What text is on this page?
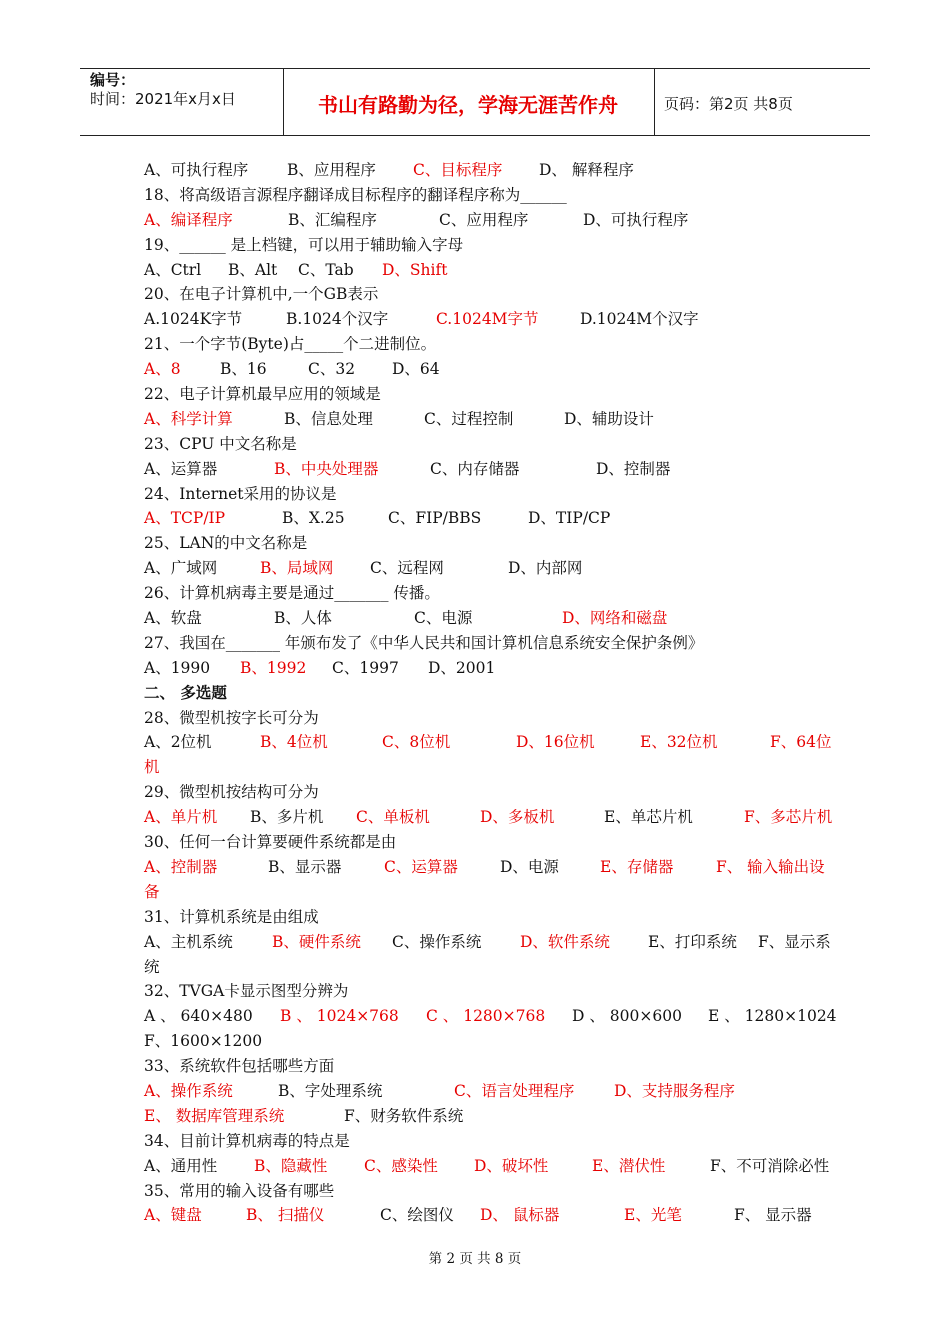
编号：
时间：2021年x月x日	书山有路勤为径，学海无涯苦作舟	页码：第2页 共8页
A、可执行程序	B、应用程序 C、目标程序 D、 解释程序
18、将高级语言源程序翻译成目标程序的翻译程序称为______
A、编译程序	B、汇编程序	C、应用程序	D、可执行程序
19、______ 是上档键，可以用于辅助输入字母
A、Ctrl B、Alt C、Tab D、Shift
20、在电子计算机中,一个GB表示
A.1024K字节	B.1024个汉字	C.1024M字节	D.1024M个汉字
21、一个字节(Byte)占_____个二进制位。
A、8	B、16	C、32 D、64
22、电子计算机最早应用的领域是
A、科学计算	B、信息处理	C、过程控制	D、辅助设计
23、CPU 中文名称是
A、运算器	B、中央处理器	C、内存储器	D、控制器
24、Internet采用的协议是
A、TCP/IP	B、X.25	C、FIP/BBS	D、TIP/CP
25、LAN的中文名称是
A、广域网	B、局域网 C、远程网	D、内部网
26、计算机病毒主要是通过_______ 传播。
A、软盘	B、人体	C、电源	D、网络和磁盘
27、我国在_______ 年颁布发了《中华人民共和国计算机信息系统安全保护条例》
A、1990 B、1992 C、1997 D、2001
二、 多选题
28、微型机按字长可分为
A、2位机	B、4位机	C、8位机	D、16位机	E、32位机	F、64位
机
29、微型机按结构可分为
A、单片机 B、多片机 C、单板机	D、多板机	E、单芯片机	F、多芯片机
30、任何一台计算要硬件系统都是由
A、控制器	B、显示器	C、运算器	D、电源	E、存储器	F、 输入输出设
备
31、计算机系统是由组成
A、主机系统	B、硬件系统 C、操作系统 D、软件系统 E、打印系统 F、显示系
统
32、TVGA卡显示图型分辨为
A 、 640×480 B 、 1024×768 C 、 1280×768 D 、 800×600 E 、 1280×1024
F、1600×1200
33、系统软件包括哪些方面
A、操作系统	B、字处理系统	C、语言处理程序	D、支持服务程序
E、 数据库管理系统	F、财务软件系统
34、目前计算机病毒的特点是
A、通用性 B、隐藏性 C、感染性 D、破坏性	E、潜伏性	F、不可消除必性
35、常用的输入设备有哪些
A、键盘	B、 扫描仪	C、绘图仪 D、 鼠标器	E、光笔	F、 显示器
第 2 页 共 8 页
